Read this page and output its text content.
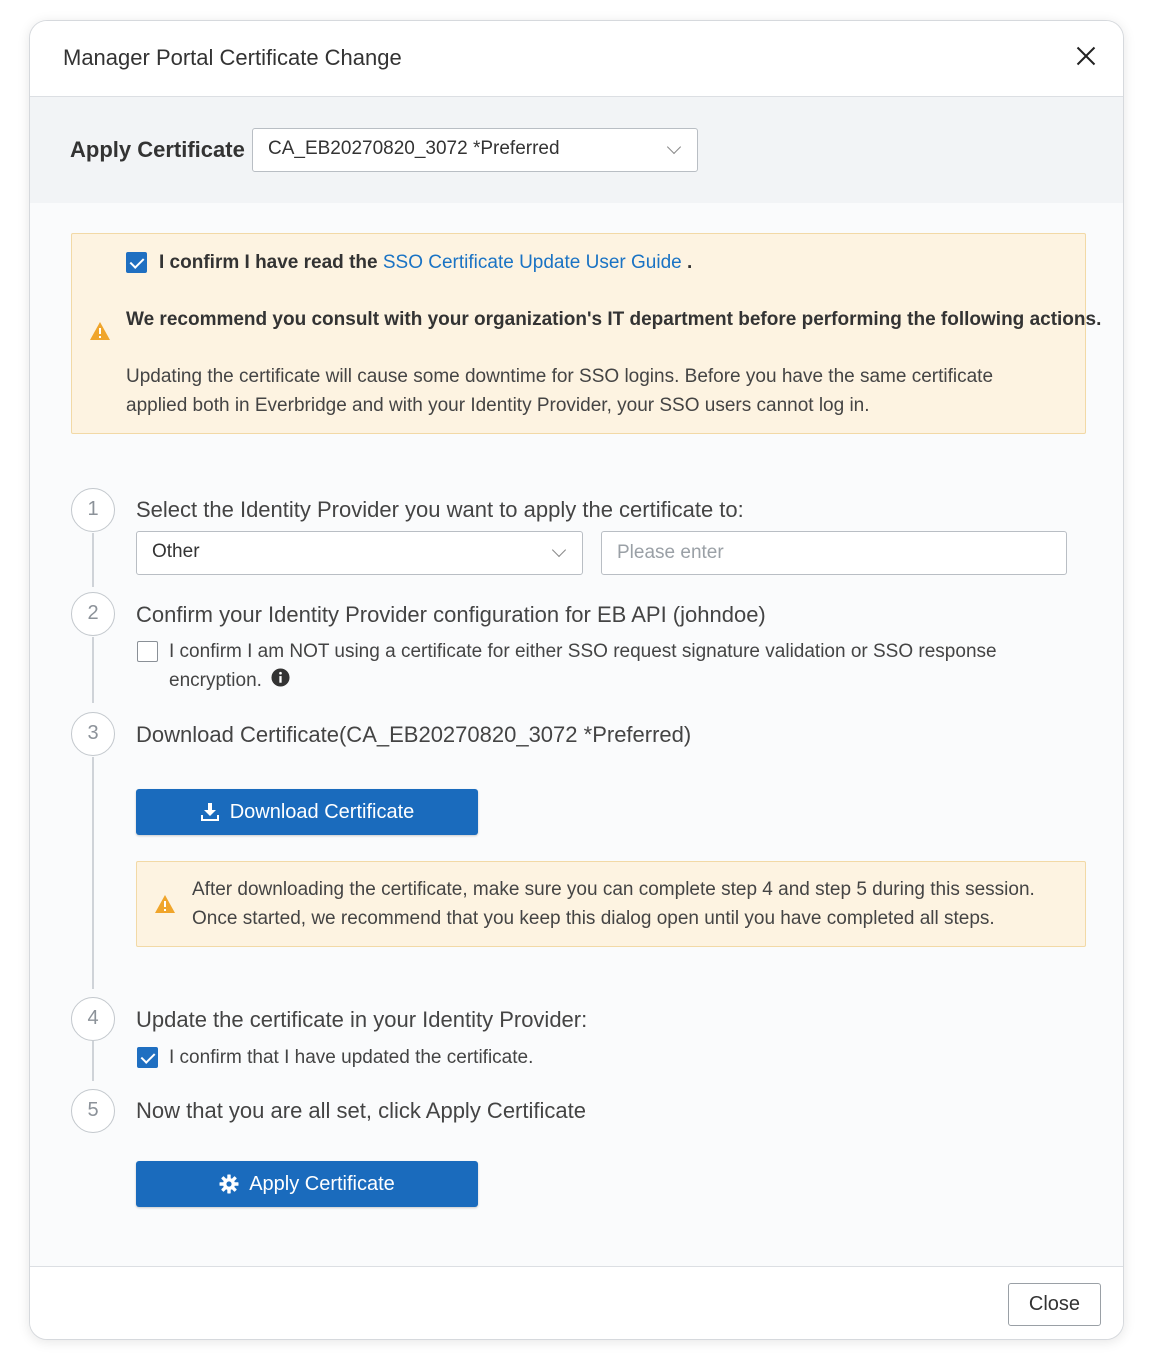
Manager Portal Certificate Change
Apply Certificate CA_EB20270820_3072 *Preferred
I confirm I have read the SSO Certificate Update User Guide .
We recommend you consult with your organization's IT department before performing the following actions.
Updating the certificate will cause some downtime for SSO logins. Before you have the same certificate
applied both in Everbridge and with your Identity Provider, your SSO users cannot log in.
1	Select the Identity Provider you want to apply the certificate to:
Other
Please enter
2	Confirm your Identity Provider configuration for EB API (johndoe)
I confirm I am NOT using a certificate for either SSO request signature validation or SSO response
encryption.
3	Download Certificate(CA_EB20270820_3072 *Preferred)
Download Certificate
After downloading the certificate, make sure you can complete step 4 and step 5 during this session.
Once started, we recommend that you keep this dialog open until you have completed all steps.
4	Update the certificate in your Identity Provider:
I confirm that I have updated the certificate.
5	Now that you are all set, click Apply Certificate
Apply Certificate
Close
